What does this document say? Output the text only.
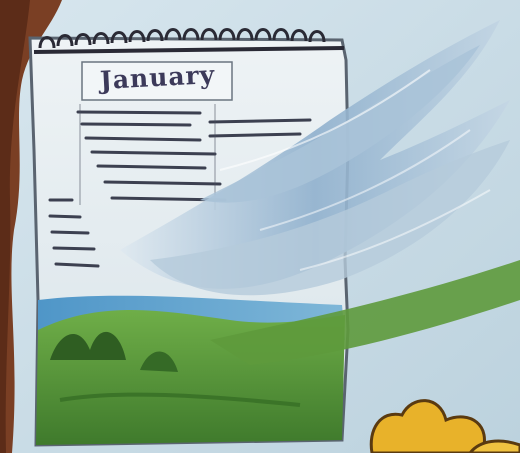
January
